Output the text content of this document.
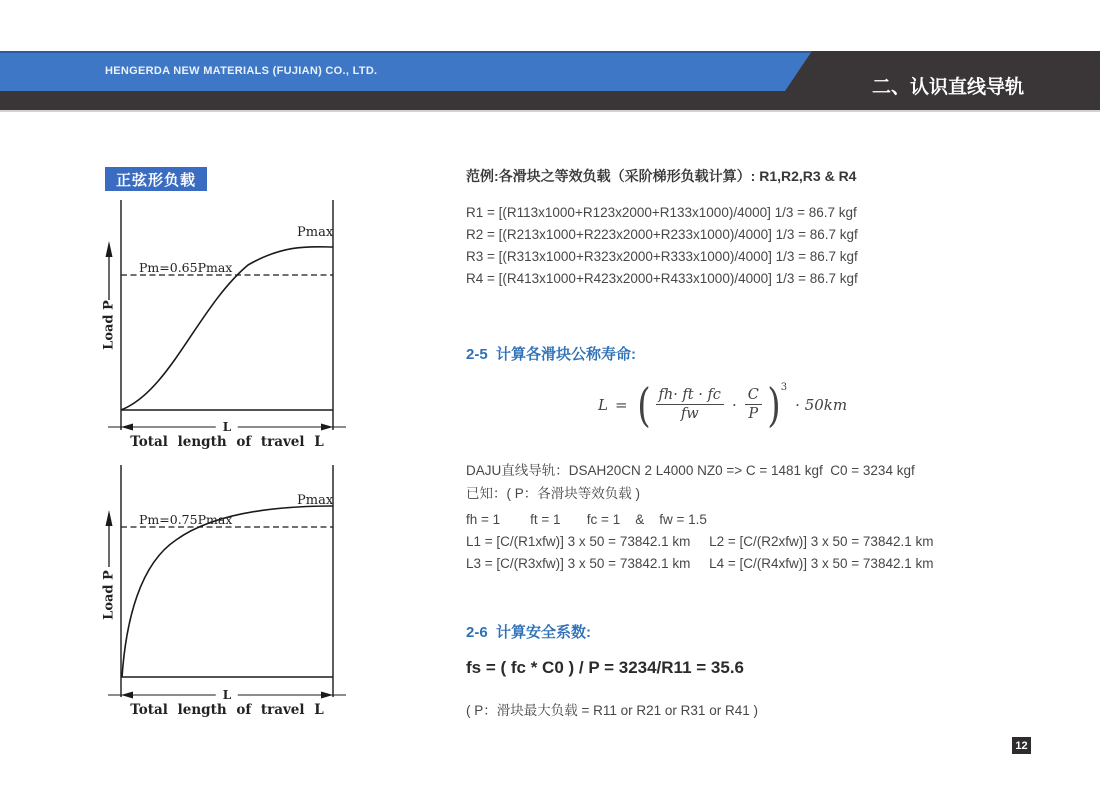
HENGERDA NEW MATERIALS (FUJIAN) CO., LTD.
二、认识直线导轨
正弦形负载
Pmax
Pm=0.65Pmax
Load P
L
Total length of travel L
Pmax
Pm=0.75Pmax
Load P
L
Total length of travel L
范例:各滑块之等效负载（采阶梯形负载计算）: R1,R2,R3 & R4
R1 = [(R113x1000+R123x2000+R133x1000)/4000] 1/3 = 86.7 kgf
R2 = [(R213x1000+R223x2000+R233x1000)/4000] 1/3 = 86.7 kgf
R3 = [(R313x1000+R323x2000+R333x1000)/4000] 1/3 = 86.7 kgf
R4 = [(R413x1000+R423x2000+R433x1000)/4000] 1/3 = 86.7 kgf
2-5  计算各滑块公称寿命:
L = ( $\frac{fh\cdot ft \cdot fc}{fw} \cdot \frac{C}{P}$ ) 3
· 50km
DAJU直线导轨：DSAH20CN 2 L4000 NZ0 => C = 1481 kgf  C0 = 3234 kgf
已知：( P：各滑块等效负载 )
fh = 1        ft = 1       fc = 1    &    fw = 1.5
L1 = [C/(R1xfw)] 3 x 50 = 73842.1 km     L2 = [C/(R2xfw)] 3 x 50 = 73842.1 km
L3 = [C/(R3xfw)] 3 x 50 = 73842.1 km     L4 = [C/(R4xfw)] 3 x 50 = 73842.1 km
2-6  计算安全系数:
fs = ( fc * C0 ) / P = 3234/R11 = 35.6
( P：滑块最大负载 = R11 or R21 or R31 or R41 )
12
